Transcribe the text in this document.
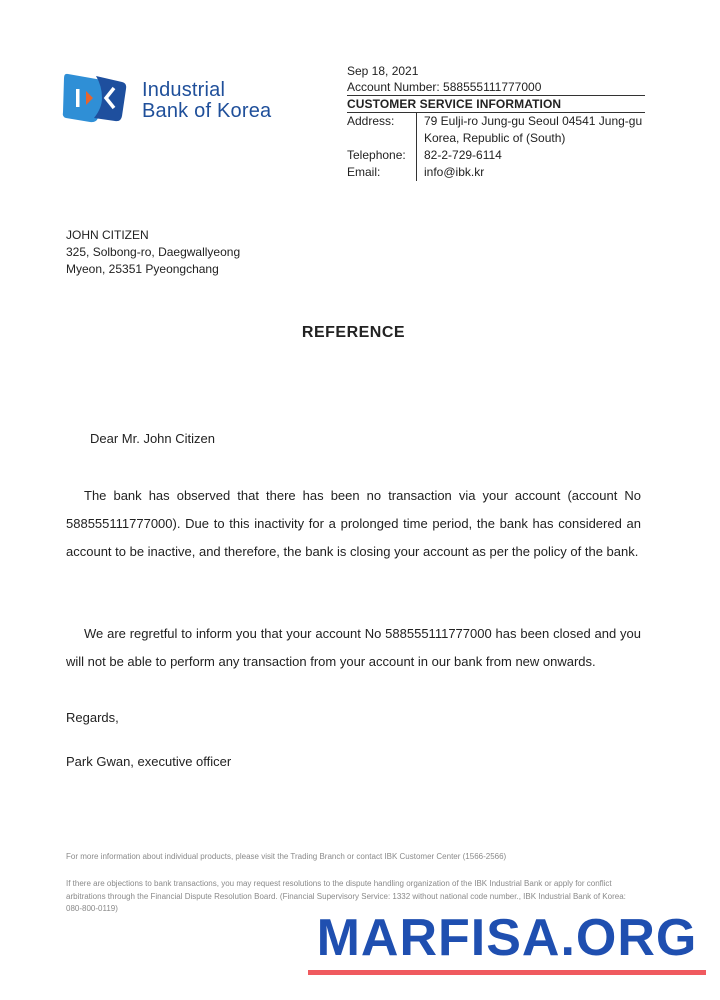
Industrial
Bank of Korea
Sep 18, 2021
Account Number: 588555111777000
CUSTOMER SERVICE INFORMATION
Address:	79 Eulji-ro Jung-gu Seoul 04541 Jung-gu
	Korea, Republic of (South)
Telephone:	82-2-729-6114
Email:	info@ibk.kr
JOHN CITIZEN
325, Solbong-ro, Daegwallyeong
Myeon, 25351 Pyeongchang
REFERENCE
Dear Mr. John Citizen
The bank has observed that there has been no transaction via your account (account No 588555111777000). Due to this inactivity for a prolonged time period, the bank has considered an account to be inactive, and therefore, the bank is closing your account as per the policy of the bank.
We are regretful to inform you that your account No 588555111777000 has been closed and you will not be able to perform any transaction from your account in our bank from new onwards.
Regards,
Park Gwan, executive officer
For more information about individual products, please visit the Trading Branch or contact IBK Customer Center (1566-2566)
If there are objections to bank transactions, you may request resolutions to the dispute handling organization of the IBK Industrial Bank or apply for conflict arbitrations through the Financial Dispute Resolution Board. (Financial Supervisory Service: 1332 without national code number., IBK Industrial Bank of Korea: 080-800-0119)
MARFISA.ORG
